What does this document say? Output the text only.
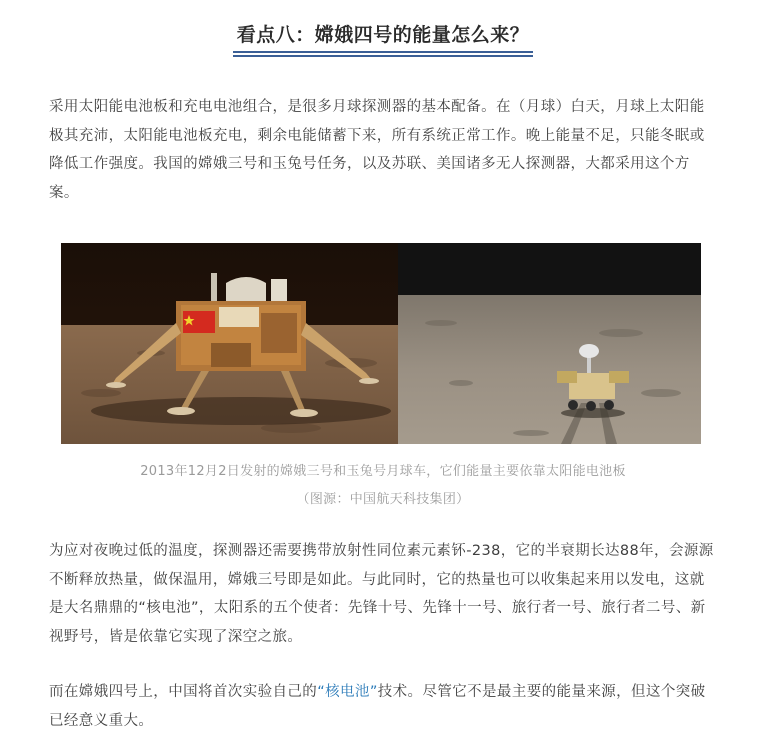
看点八：嫦娥四号的能量怎么来？

采用太阳能电池板和充电电池组合，是很多月球探测器的基本配备。在（月球）白天，月球上太阳能极其充沛，太阳能电池板充电，剩余电能储蓄下来，所有系统正常工作。晚上能量不足，只能冬眠或降低工作强度。我国的嫦娥三号和玉兔号任务，以及苏联、美国诸多无人探测器，大都采用这个方案。

2013年12月2日发射的嫦娥三号和玉兔号月球车，它们能量主要依靠太阳能电池板
（图源：中国航天科技集团）

为应对夜晚过低的温度，探测器还需要携带放射性同位素元素钚-238，它的半衰期长达88年，会源源不断释放热量，做保温用，嫦娥三号即是如此。与此同时，它的热量也可以收集起来用以发电，这就是大名鼎鼎的“核电池”，太阳系的五个使者：先锋十号、先锋十一号、旅行者一号、旅行者二号、新视野号，皆是依靠它实现了深空之旅。

而在嫦娥四号上，中国将首次实验自己的“核电池”技术。尽管它不是最主要的能量来源，但这个突破已经意义重大。
